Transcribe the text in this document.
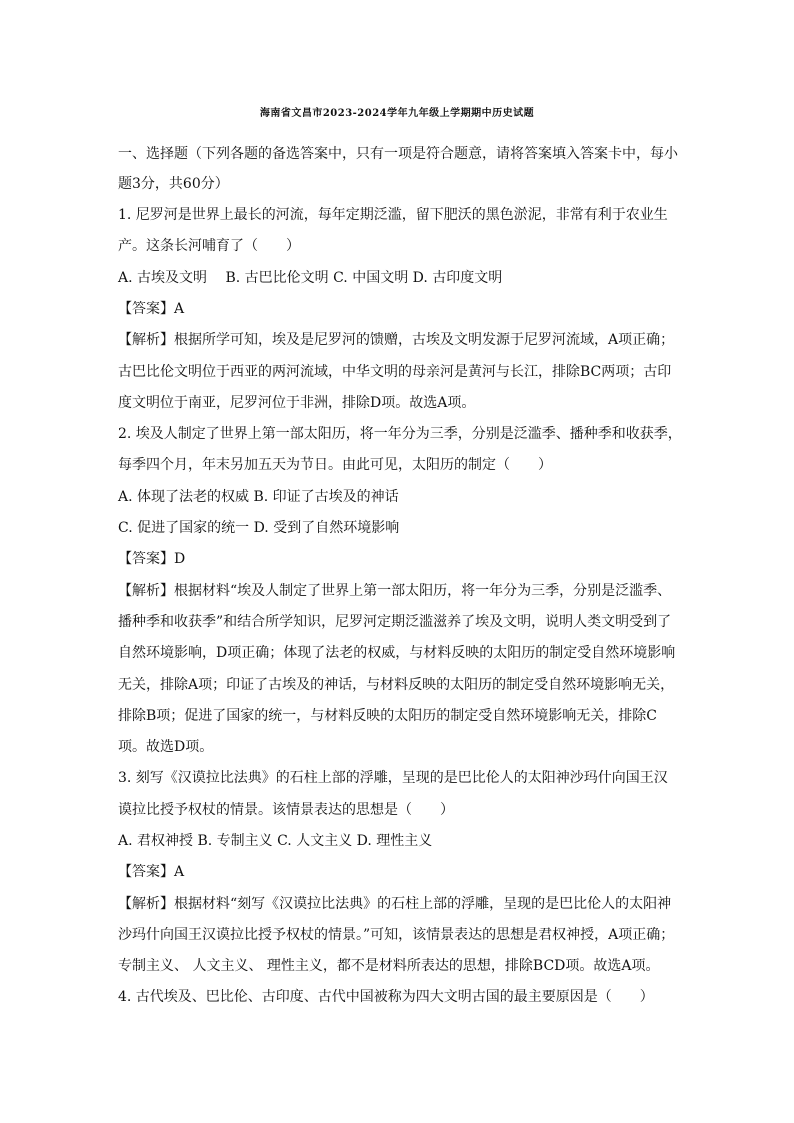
海南省文昌市2023-2024学年九年级上学期期中历史试题
一、选择题（下列各题的备选答案中，只有一项是符合题意，请将答案填入答案卡中，每小
题3分，共60分）
1. 尼罗河是世界上最长的河流，每年定期泛滥，留下肥沃的黑色淤泥，非常有利于农业生
产。这条长河哺育了（　　）
A. 古埃及文明　 B. 古巴比伦文明 C. 中国文明 D. 古印度文明
【答案】A
【解析】根据所学可知，埃及是尼罗河的馈赠，古埃及文明发源于尼罗河流域，A项正确；
古巴比伦文明位于西亚的两河流域，中华文明的母亲河是黄河与长江，排除BC两项；古印
度文明位于南亚，尼罗河位于非洲，排除D项。故选A项。
2. 埃及人制定了世界上第一部太阳历，将一年分为三季，分别是泛滥季、播种季和收获季，
每季四个月，年末另加五天为节日。由此可见，太阳历的制定（　　）
A. 体现了法老的权威 B. 印证了古埃及的神话
C. 促进了国家的统一 D. 受到了自然环境影响
【答案】D
【解析】根据材料“埃及人制定了世界上第一部太阳历，将一年分为三季，分别是泛滥季、
播种季和收获季”和结合所学知识，尼罗河定期泛滥滋养了埃及文明，说明人类文明受到了
自然环境影响，D项正确；体现了法老的权威，与材料反映的太阳历的制定受自然环境影响
无关，排除A项；印证了古埃及的神话，与材料反映的太阳历的制定受自然环境影响无关，
排除B项；促进了国家的统一，与材料反映的太阳历的制定受自然环境影响无关，排除C
项。故选D项。
3. 刻写《汉谟拉比法典》的石柱上部的浮雕，呈现的是巴比伦人的太阳神沙玛什向国王汉
谟拉比授予权杖的情景。该情景表达的思想是（　　）
A. 君权神授 B. 专制主义 C. 人文主义 D. 理性主义
【答案】A
【解析】根据材料“刻写《汉谟拉比法典》的石柱上部的浮雕，呈现的是巴比伦人的太阳神
沙玛什向国王汉谟拉比授予权杖的情景。”可知，该情景表达的思想是君权神授，A项正确；
专制主义、 人文主义、 理性主义，都不是材料所表达的思想，排除BCD项。故选A项。
4. 古代埃及、巴比伦、古印度、古代中国被称为四大文明古国的最主要原因是（　　）
